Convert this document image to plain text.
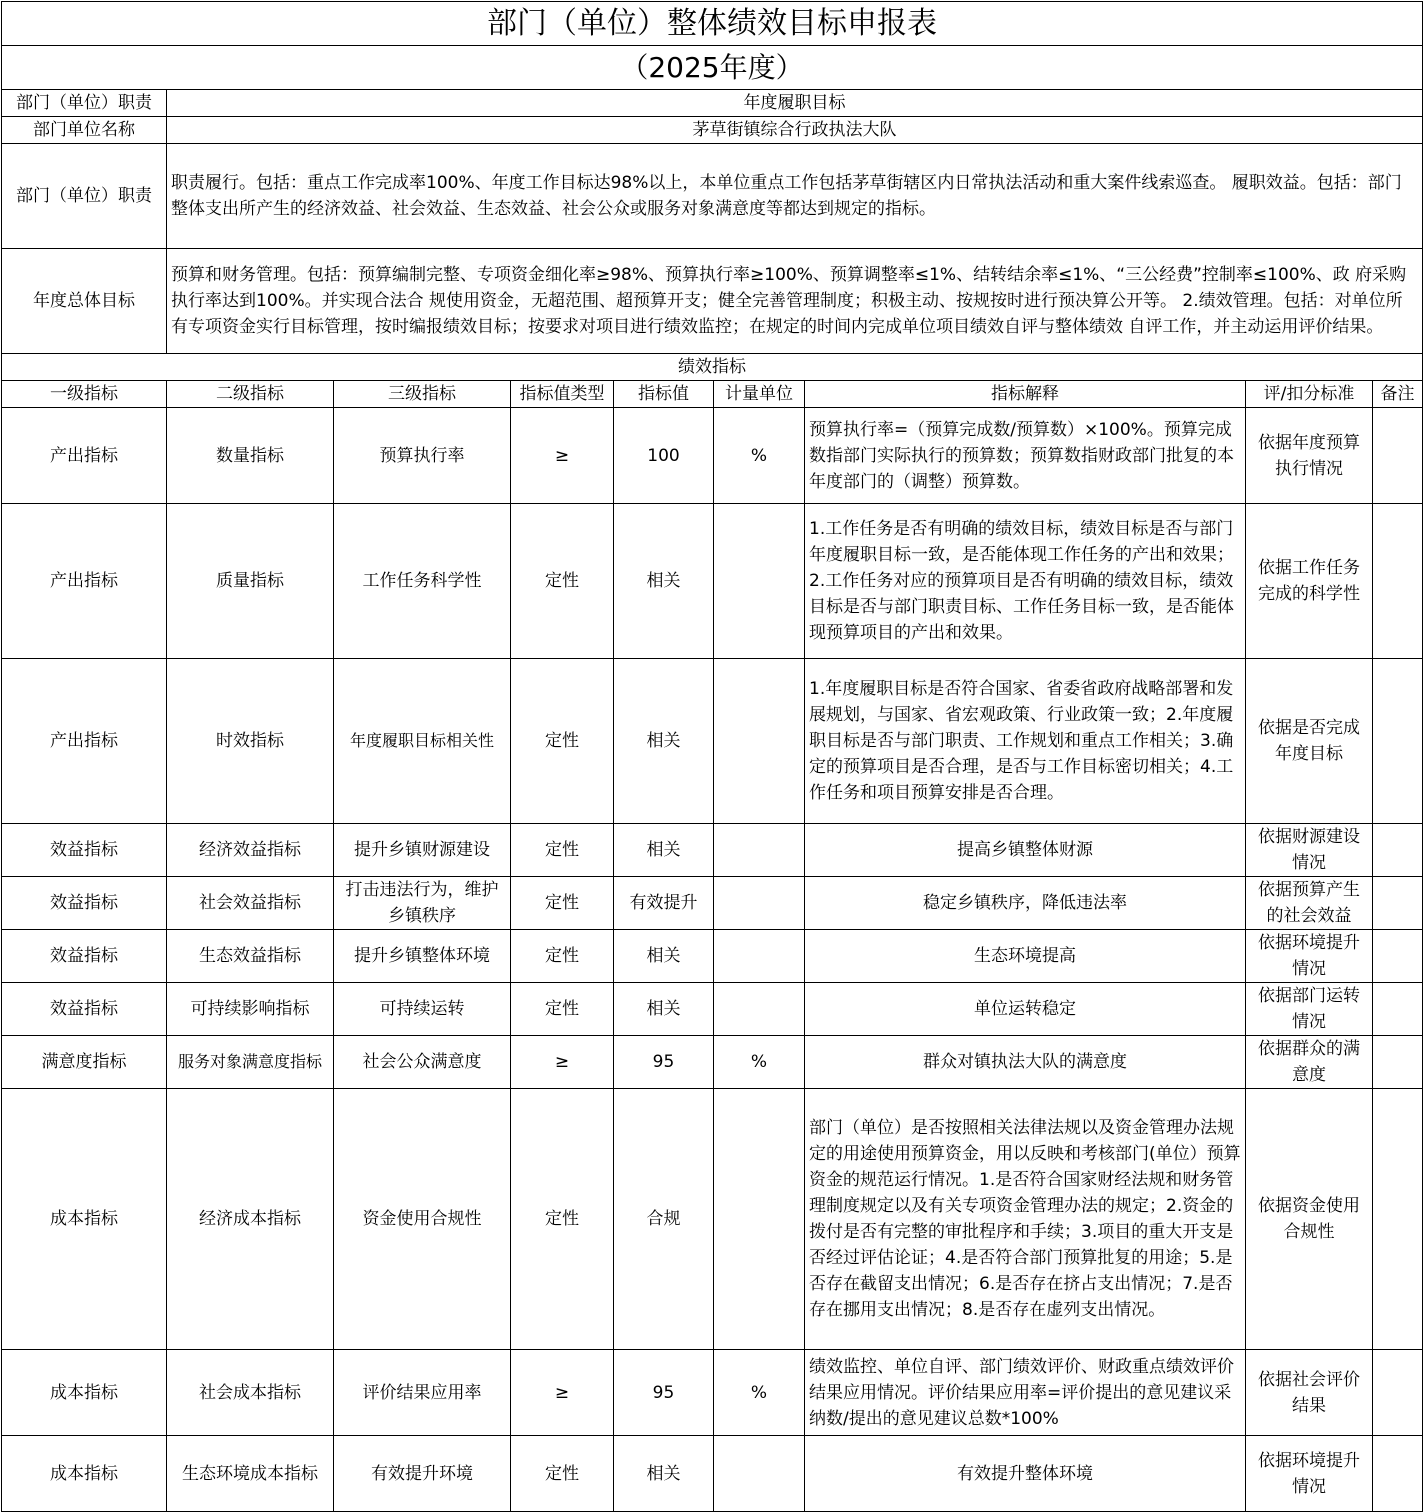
部门（单位）整体绩效目标申报表								
（2025年度）								
部门（单位）职责	年度履职目标							
部门单位名称	茅草街镇综合行政执法大队							
部门（单位）职责	职责履行。包括：重点工作完成率100%、年度工作目标达98%以上，本单位重点工作包括茅草街辖区内日常执法活动和重大案件线索巡查。 履职效益。包括：部门整体支出所产生的经济效益、社会效益、生态效益、社会公众或服务对象满意度等都达到规定的指标。							
年度总体目标	预算和财务管理。包括：预算编制完整、专项资金细化率≥98%、预算执行率≥100%、预算调整率≤1%、结转结余率≤1%、“三公经费”控制率≤100%、政 府采购执行率达到100%。并实现合法合 规使用资金，无超范围、超预算开支；健全完善管理制度；积极主动、按规按时进行预决算公开等。 2.绩效管理。包括：对单位所有专项资金实行目标管理，按时编报绩效目标；按要求对项目进行绩效监控；在规定的时间内完成单位项目绩效自评与整体绩效 自评工作，并主动运用评价结果。							
绩效指标								
一级指标	二级指标	三级指标	指标值类型	指标值	计量单位	指标解释	评/扣分标准	备注
产出指标	数量指标	预算执行率	≥	100	%	预算执行率=（预算完成数/预算数）×100%。预算完成数指部门实际执行的预算数；预算数指财政部门批复的本年度部门的（调整）预算数。	依据年度预算执行情况	
产出指标	质量指标	工作任务科学性	定性	相关		1.工作任务是否有明确的绩效目标，绩效目标是否与部门年度履职目标一致，是否能体现工作任务的产出和效果；2.工作任务对应的预算项目是否有明确的绩效目标，绩效目标是否与部门职责目标、工作任务目标一致，是否能体现预算项目的产出和效果。	依据工作任务完成的科学性	
产出指标	时效指标	年度履职目标相关性	定性	相关		1.年度履职目标是否符合国家、省委省政府战略部署和发展规划，与国家、省宏观政策、行业政策一致；2.年度履职目标是否与部门职责、工作规划和重点工作相关；3.确定的预算项目是否合理，是否与工作目标密切相关；4.工作任务和项目预算安排是否合理。	依据是否完成年度目标	
效益指标	经济效益指标	提升乡镇财源建设	定性	相关		提高乡镇整体财源	依据财源建设情况	
效益指标	社会效益指标	打击违法行为，维护乡镇秩序	定性	有效提升		稳定乡镇秩序，降低违法率	依据预算产生的社会效益	
效益指标	生态效益指标	提升乡镇整体环境	定性	相关		生态环境提高	依据环境提升情况	
效益指标	可持续影响指标	可持续运转	定性	相关		单位运转稳定	依据部门运转情况	
满意度指标	服务对象满意度指标	社会公众满意度	≥	95	%	群众对镇执法大队的满意度	依据群众的满意度	
成本指标	经济成本指标	资金使用合规性	定性	合规		部门（单位）是否按照相关法律法规以及资金管理办法规定的用途使用预算资金，用以反映和考核部门(单位）预算资金的规范运行情况。1.是否符合国家财经法规和财务管理制度规定以及有关专项资金管理办法的规定；2.资金的拨付是否有完整的审批程序和手续；3.项目的重大开支是否经过评估论证；4.是否符合部门预算批复的用途；5.是否存在截留支出情况；6.是否存在挤占支出情况；7.是否存在挪用支出情况；8.是否存在虚列支出情况。	依据资金使用合规性	
成本指标	社会成本指标	评价结果应用率	≥	95	%	绩效监控、单位自评、部门绩效评价、财政重点绩效评价结果应用情况。评价结果应用率=评价提出的意见建议采纳数/提出的意见建议总数*100%	依据社会评价结果	
成本指标	生态环境成本指标	有效提升环境	定性	相关		有效提升整体环境	依据环境提升情况	
